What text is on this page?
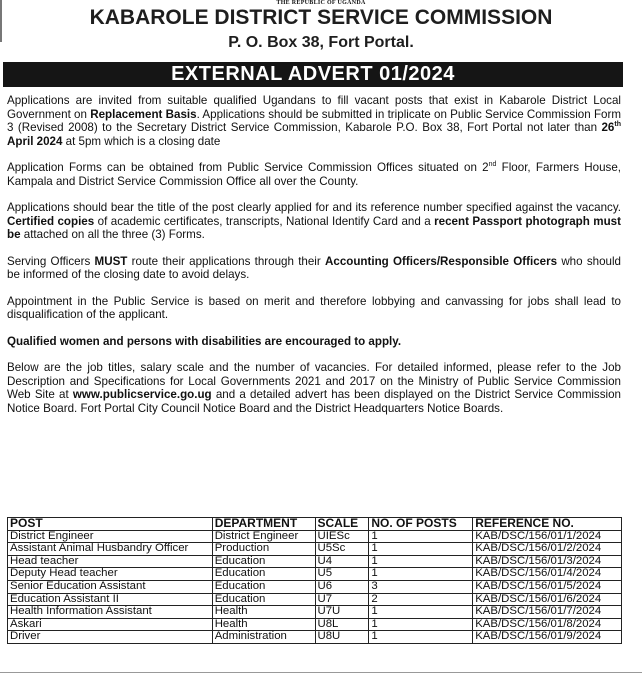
THE REPUBLIC OF UGANDA
KABAROLE DISTRICT SERVICE COMMISSION
P. O. Box 38, Fort Portal.
EXTERNAL ADVERT 01/2024

Applications are invited from suitable qualified Ugandans to fill vacant posts that exist in Kabarole District Local Government on Replacement Basis. Applications should be submitted in triplicate on Public Service Commission Form 3 (Revised 2008) to the Secretary District Service Commission, Kabarole P.O. Box 38, Fort Portal not later than 26th April 2024 at 5pm which is a closing date

Application Forms can be obtained from Public Service Commission Offices situated on 2nd Floor, Farmers House, Kampala and District Service Commission Office all over the County.

Applications should bear the title of the post clearly applied for and its reference number specified against the vacancy. Certified copies of academic certificates, transcripts, National Identify Card and a recent Passport photograph must be attached on all the three (3) Forms.

Serving Officers MUST route their applications through their Accounting Officers/Responsible Officers who should be informed of the closing date to avoid delays.

Appointment in the Public Service is based on merit and therefore lobbying and canvassing for jobs shall lead to disqualification of the applicant.

Qualified women and persons with disabilities are encouraged to apply.

Below are the job titles, salary scale and the number of vacancies. For detailed informed, please refer to the Job Description and Specifications for Local Governments 2021 and 2017 on the Ministry of Public Service Commission Web Site at www.publicservice.go.ug and a detailed advert has been displayed on the District Service Commission Notice Board. Fort Portal City Council Notice Board and the District Headquarters Notice Boards.

POST	DEPARTMENT	SCALE	NO. OF POSTS	REFERENCE NO.
District Engineer	District Engineer	UIESc	1	KAB/DSC/156/01/1/2024
Assistant Animal Husbandry Officer	Production	U5Sc	1	KAB/DSC/156/01/2/2024
Head teacher	Education	U4	1	KAB/DSC/156/01/3/2024
Deputy Head teacher	Education	U5	1	KAB/DSC/156/01/4/2024
Senior Education Assistant	Education	U6	3	KAB/DSC/156/01/5/2024
Education Assistant II	Education	U7	2	KAB/DSC/156/01/6/2024
Health Information Assistant	Health	U7U	1	KAB/DSC/156/01/7/2024
Askari	Health	U8L	1	KAB/DSC/156/01/8/2024
Driver	Administration	U8U	1	KAB/DSC/156/01/9/2024
